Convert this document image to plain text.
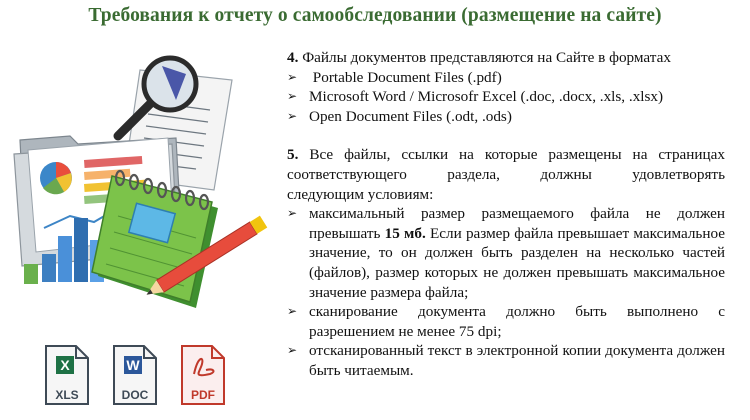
Требования к отчету о самообследовании (размещение на сайте)
X
XLS
W
DOC	PDF

4. Файлы документов представляются на Сайте в форматах

➢ Portable Document Files (.pdf)
➢ Microsoft Word / Microsofr Excel (.doc, .docx, .xls, .xlsx)
➢ Open Document Files (.odt, .ods)

5. Все файлы, ссылки на которые размещены на страницах

соответствующего раздела, должны удовлетворять

следующим условиям:

➢ максимальный размер размещаемого файла не должен превышать 15 мб. Если размер файла превышает максимальное значение, то он должен быть разделен на несколько частей (файлов), размер которых не должен превышать максимальное значение размера файла;
➢ сканирование документа должно быть выполнено с разрешением не менее 75 dpi;
➢ отсканированный текст в электронной копии документа должен быть читаемым.
